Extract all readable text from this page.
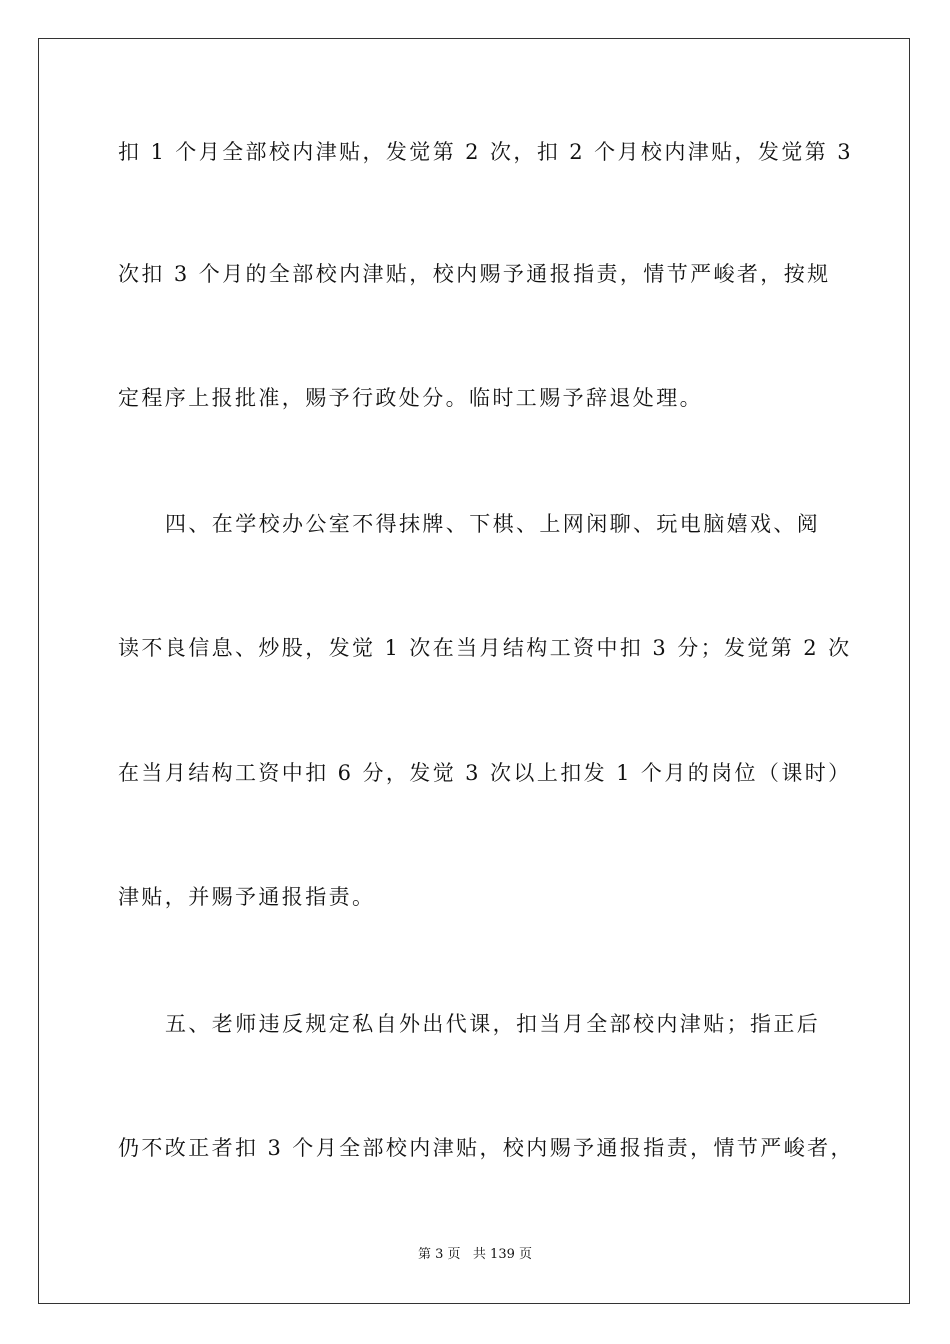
扣 1 个月全部校内津贴，发觉第 2 次，扣 2 个月校内津贴，发觉第 3
次扣 3 个月的全部校内津贴，校内赐予通报指责，情节严峻者，按规
定程序上报批准，赐予行政处分。临时工赐予辞退处理。
四、在学校办公室不得抹牌、下棋、上网闲聊、玩电脑嬉戏、阅
读不良信息、炒股，发觉 1 次在当月结构工资中扣 3 分；发觉第 2 次
在当月结构工资中扣 6 分，发觉 3 次以上扣发 1 个月的岗位（课时）
津贴，并赐予通报指责。
五、老师违反规定私自外出代课，扣当月全部校内津贴；指正后
仍不改正者扣 3 个月全部校内津贴，校内赐予通报指责，情节严峻者，
第 3 页   共 139 页
